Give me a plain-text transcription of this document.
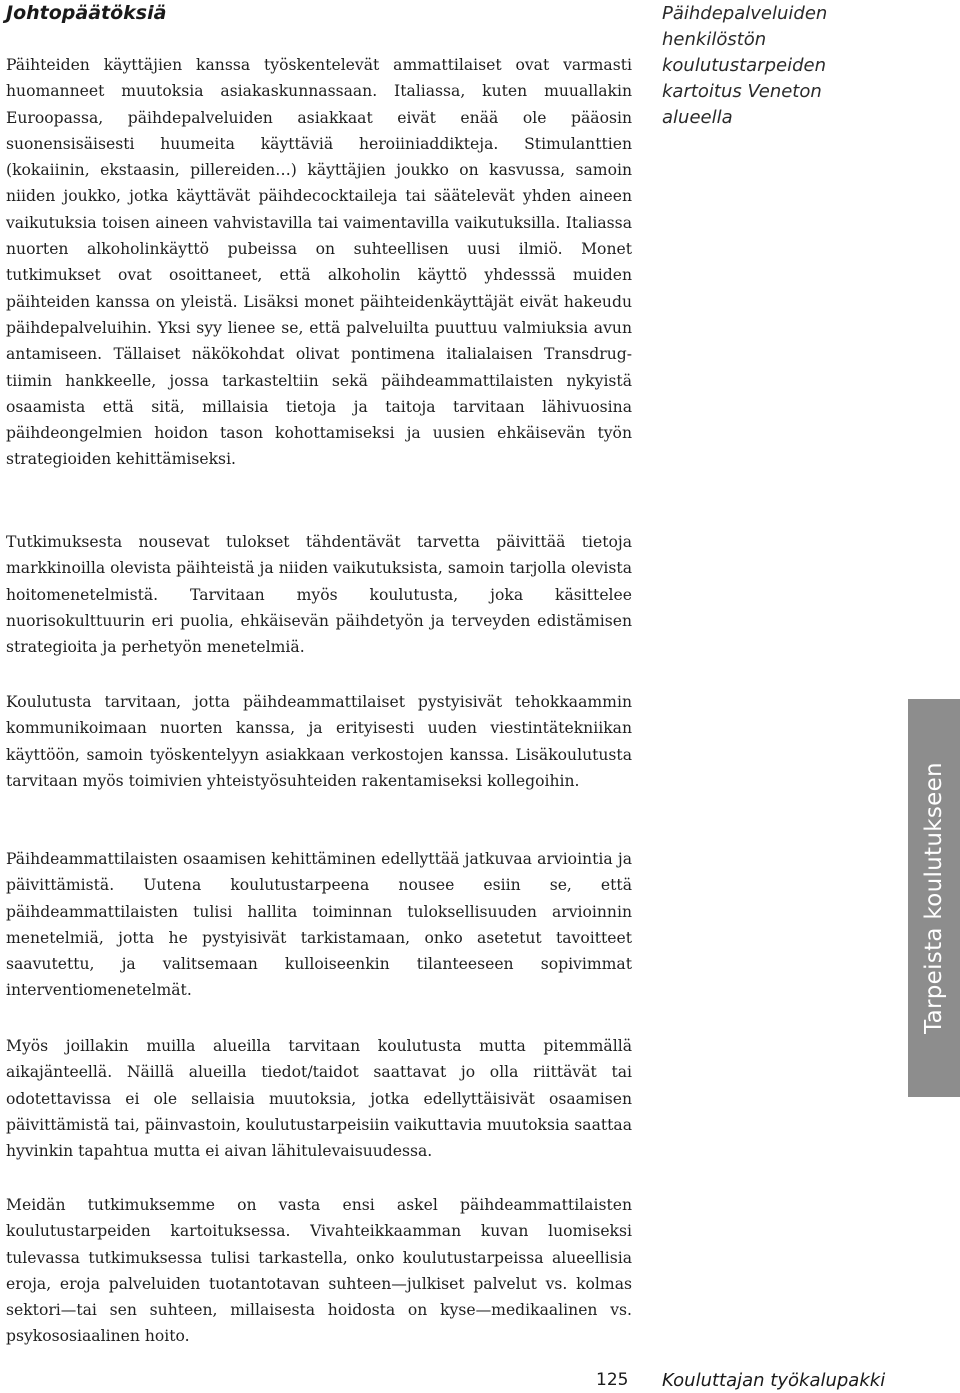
Johtopäätöksiä	Päihdepalveluiden henkilöstön koulutustarpeiden kartoitus Veneton alueella

Päihteiden käyttäjien kanssa työskentelevät ammattilaiset ovat varmasti huomanneet muutoksia asiakaskunnassaan. Italiassa, kuten muuallakin Euroopassa, päihdepalveluiden asiakkaat eivät enää ole pääosin suonensisäisesti huumeita käyttäviä heroiiniaddikteja. Stimulanttien (kokaiinin, ekstaasin, pillereiden…) käyttäjien joukko on kasvussa, samoin niiden joukko, jotka käyttävät päihdecocktaileja tai säätelevät yhden aineen vaikutuksia toisen aineen vahvistavilla tai vaimentavilla vaikutuksilla. Italiassa nuorten alkoholinkäyttö pubeissa on suhteellisen uusi ilmiö. Monet tutkimukset ovat osoittaneet, että alkoholin käyttö yhdesssä muiden päihteiden kanssa on yleistä. Lisäksi monet päihteidenkäyttäjät eivät hakeudu päihdepalveluihin. Yksi syy lienee se, että palveluilta puuttuu valmiuksia avun antamiseen. Tällaiset näkökohdat olivat pontimena italialaisen Transdrug-tiimin hankkeelle, jossa tarkasteltiin sekä päihdeammattilaisten nykyistä osaamista että sitä, millaisia tietoja ja taitoja tarvitaan lähivuosina päihdeongelmien hoidon tason kohottamiseksi ja uusien ehkäisevän työn strategioiden kehittämiseksi.

Tutkimuksesta nousevat tulokset tähdentävät tarvetta päivittää tietoja markkinoilla olevista päihteistä ja niiden vaikutuksista, samoin tarjolla olevista hoitomenetelmistä. Tarvitaan myös koulutusta, joka käsittelee nuorisokulttuurin eri puolia, ehkäisevän päihdetyön ja terveyden edistämisen strategioita ja perhetyön menetelmiä.

Koulutusta tarvitaan, jotta päihdeammattilaiset pystyisivät tehokkaammin kommunikoimaan nuorten kanssa, ja erityisesti uuden viestintätekniikan käyttöön, samoin työskentelyyn asiakkaan verkostojen kanssa. Lisäkoulutusta tarvitaan myös toimivien yhteistyösuhteiden rakentamiseksi kollegoihin.

Päihdeammattilaisten osaamisen kehittäminen edellyttää jatkuvaa arviointia ja päivittämistä. Uutena koulutustarpeena nousee esiin se, että päihdeammattilaisten tulisi hallita toiminnan tuloksellisuuden arvioinnin menetelmiä, jotta he pystyisivät tarkistamaan, onko asetetut tavoitteet saavutettu, ja valitsemaan kulloiseenkin tilanteeseen sopivimmat interventiomenetelmät.

Myös joillakin muilla alueilla tarvitaan koulutusta mutta pitemmällä aikajänteellä. Näillä alueilla tiedot/taidot saattavat jo olla riittävät tai odotettavissa ei ole sellaisia muutoksia, jotka edellyttäisivät osaamisen päivittämistä tai, päinvastoin, koulutustarpeisiin vaikuttavia muutoksia saattaa hyvinkin tapahtua mutta ei aivan lähitulevaisuudessa.

Meidän tutkimuksemme on vasta ensi askel päihdeammattilaisten koulutustarpeiden kartoituksessa. Vivahteikkaamman kuvan luomiseksi tulevassa tutkimuksessa tulisi tarkastella, onko koulutustarpeissa alueellisia eroja, eroja palveluiden tuotantotavan suhteen—julkiset palvelut vs. kolmas sektori—tai sen suhteen, millaisesta hoidosta on kyse—medikaalinen vs. psykososiaalinen hoito.

Tarpeista koulutukseen
125 Kouluttajan työkalupakki
